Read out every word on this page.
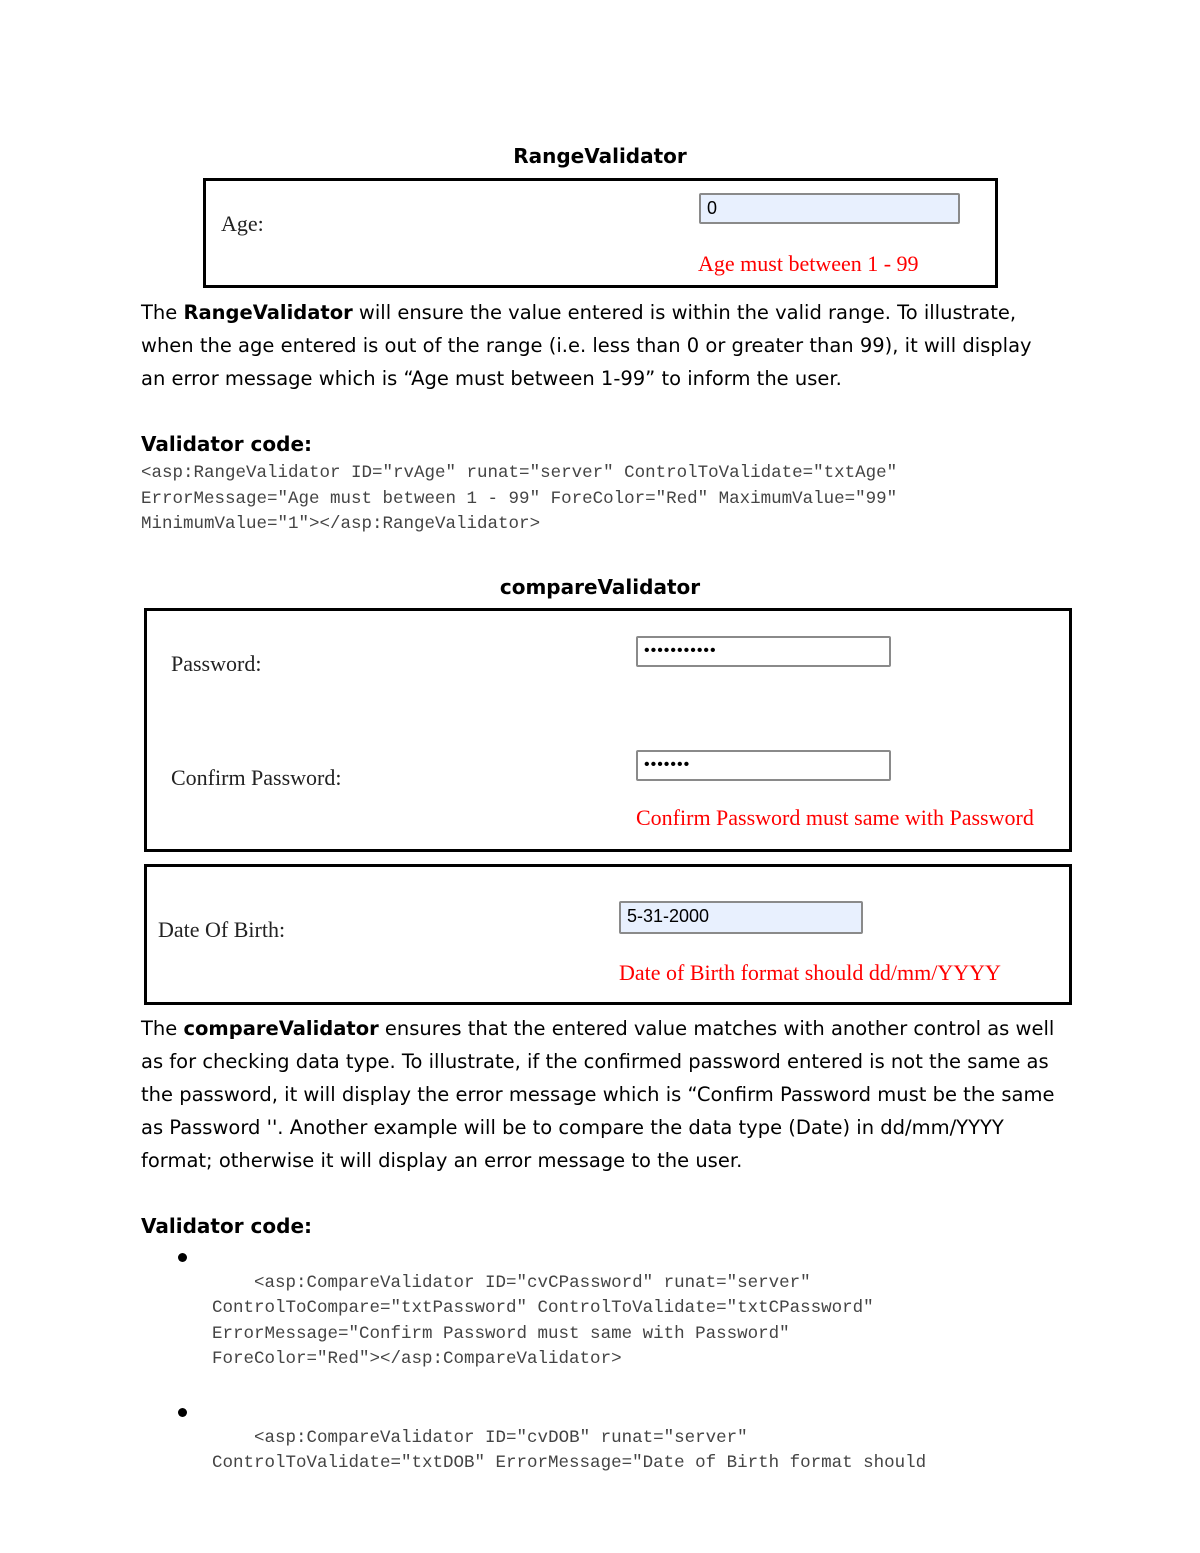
RangeValidator
Age:
0
Age must between 1 - 99
The RangeValidator will ensure the value entered is within the valid range. To illustrate, when the age entered is out of the range (i.e. less than 0 or greater than 99), it will display an error message which is “Age must between 1-99” to inform the user.
Validator code:
<asp:RangeValidator ID="rvAge" runat="server" ControlToValidate="txtAge"
ErrorMessage="Age must between 1 - 99" ForeColor="Red" MaximumValue="99"
MinimumValue="1"></asp:RangeValidator>
compareValidator
Password:
•••••••••••
Confirm Password:
•••••••
Confirm Password must same with Password
Date Of Birth:
5-31-2000
Date of Birth format should dd/mm/YYYY
The compareValidator ensures that the entered value matches with another control as well as for checking data type. To illustrate, if the confirmed password entered is not the same as the password, it will display the error message which is “Confirm Password must be the same as Password ''. Another example will be to compare the data type (Date) in dd/mm/YYYY format; otherwise it will display an error message to the user.
Validator code:

<asp:CompareValidator ID="cvCPassword" runat="server"
ControlToCompare="txtPassword" ControlToValidate="txtCPassword"
ErrorMessage="Confirm Password must same with Password"
ForeColor="Red"></asp:CompareValidator>

<asp:CompareValidator ID="cvDOB" runat="server"
ControlToValidate="txtDOB" ErrorMessage="Date of Birth format should
